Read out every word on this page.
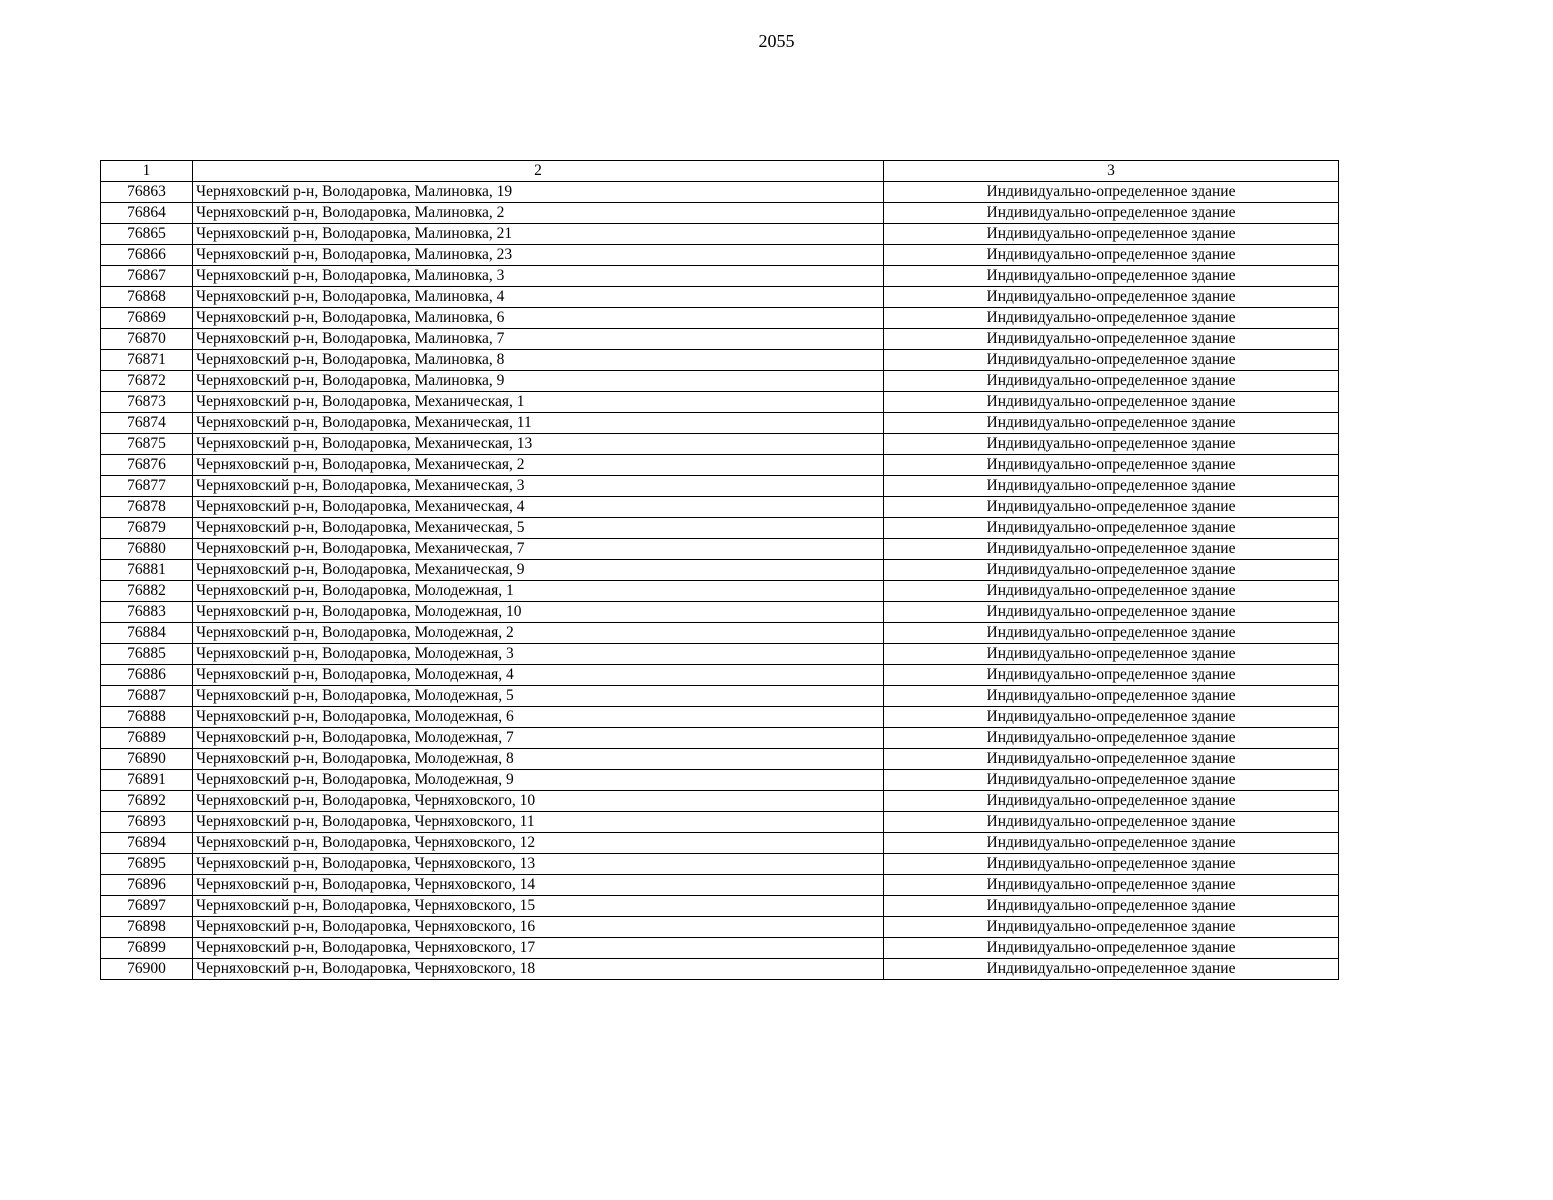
2055
1	2	3
76863	Черняховский р-н, Володаровка, Малиновка, 19	Индивидуально-определенное здание
76864	Черняховский р-н, Володаровка, Малиновка, 2	Индивидуально-определенное здание
76865	Черняховский р-н, Володаровка, Малиновка, 21	Индивидуально-определенное здание
76866	Черняховский р-н, Володаровка, Малиновка, 23	Индивидуально-определенное здание
76867	Черняховский р-н, Володаровка, Малиновка, 3	Индивидуально-определенное здание
76868	Черняховский р-н, Володаровка, Малиновка, 4	Индивидуально-определенное здание
76869	Черняховский р-н, Володаровка, Малиновка, 6	Индивидуально-определенное здание
76870	Черняховский р-н, Володаровка, Малиновка, 7	Индивидуально-определенное здание
76871	Черняховский р-н, Володаровка, Малиновка, 8	Индивидуально-определенное здание
76872	Черняховский р-н, Володаровка, Малиновка, 9	Индивидуально-определенное здание
76873	Черняховский р-н, Володаровка, Механическая, 1	Индивидуально-определенное здание
76874	Черняховский р-н, Володаровка, Механическая, 11	Индивидуально-определенное здание
76875	Черняховский р-н, Володаровка, Механическая, 13	Индивидуально-определенное здание
76876	Черняховский р-н, Володаровка, Механическая, 2	Индивидуально-определенное здание
76877	Черняховский р-н, Володаровка, Механическая, 3	Индивидуально-определенное здание
76878	Черняховский р-н, Володаровка, Механическая, 4	Индивидуально-определенное здание
76879	Черняховский р-н, Володаровка, Механическая, 5	Индивидуально-определенное здание
76880	Черняховский р-н, Володаровка, Механическая, 7	Индивидуально-определенное здание
76881	Черняховский р-н, Володаровка, Механическая, 9	Индивидуально-определенное здание
76882	Черняховский р-н, Володаровка, Молодежная, 1	Индивидуально-определенное здание
76883	Черняховский р-н, Володаровка, Молодежная, 10	Индивидуально-определенное здание
76884	Черняховский р-н, Володаровка, Молодежная, 2	Индивидуально-определенное здание
76885	Черняховский р-н, Володаровка, Молодежная, 3	Индивидуально-определенное здание
76886	Черняховский р-н, Володаровка, Молодежная, 4	Индивидуально-определенное здание
76887	Черняховский р-н, Володаровка, Молодежная, 5	Индивидуально-определенное здание
76888	Черняховский р-н, Володаровка, Молодежная, 6	Индивидуально-определенное здание
76889	Черняховский р-н, Володаровка, Молодежная, 7	Индивидуально-определенное здание
76890	Черняховский р-н, Володаровка, Молодежная, 8	Индивидуально-определенное здание
76891	Черняховский р-н, Володаровка, Молодежная, 9	Индивидуально-определенное здание
76892	Черняховский р-н, Володаровка, Черняховского, 10	Индивидуально-определенное здание
76893	Черняховский р-н, Володаровка, Черняховского, 11	Индивидуально-определенное здание
76894	Черняховский р-н, Володаровка, Черняховского, 12	Индивидуально-определенное здание
76895	Черняховский р-н, Володаровка, Черняховского, 13	Индивидуально-определенное здание
76896	Черняховский р-н, Володаровка, Черняховского, 14	Индивидуально-определенное здание
76897	Черняховский р-н, Володаровка, Черняховского, 15	Индивидуально-определенное здание
76898	Черняховский р-н, Володаровка, Черняховского, 16	Индивидуально-определенное здание
76899	Черняховский р-н, Володаровка, Черняховского, 17	Индивидуально-определенное здание
76900	Черняховский р-н, Володаровка, Черняховского, 18	Индивидуально-определенное здание
